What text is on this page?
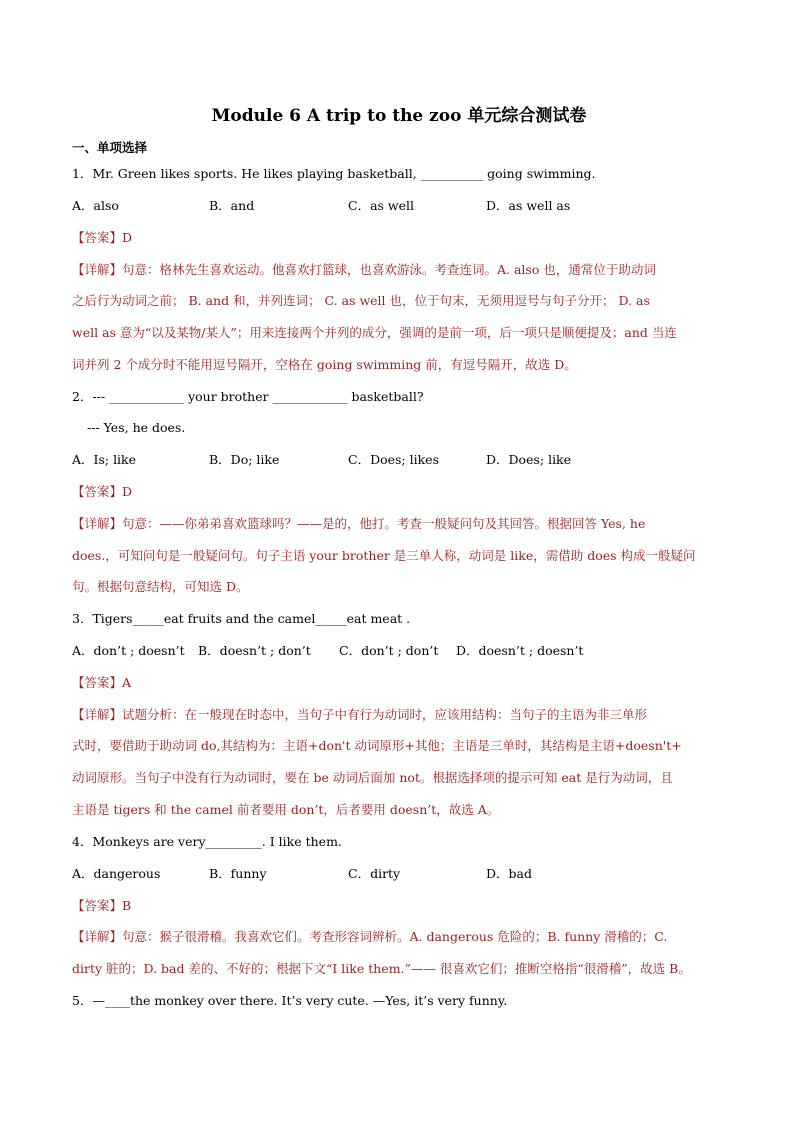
Module 6 A trip to the zoo 单元综合测试卷
一、单项选择
1．Mr. Green likes sports. He likes playing basketball, __________ going swimming.
A．also	B．and	C．as well	D．as well as
【答案】D
【详解】句意：格林先生喜欢运动。他喜欢打篮球，也喜欢游泳。考查连词。A. also 也，通常位于助动词
之后行为动词之前； B. and 和，并列连词； C. as well 也，位于句末，无须用逗号与句子分开； D. as
well as 意为“以及某物/某人”；用来连接两个并列的成分，强调的是前一项，后一项只是顺便提及；and 当连
词并列 2 个成分时不能用逗号隔开，空格在 going swimming 前，有逗号隔开，故选 D。
2．--- ____________ your brother ____________ basketball?
--- Yes, he does.
A．Is; like	B．Do; like	C．Does; likes	D．Does; like
【答案】D
【详解】句意：——你弟弟喜欢篮球吗？——是的，他打。考查一般疑问句及其回答。根据回答 Yes, he
does.，可知问句是一般疑问句。句子主语 your brother 是三单人称，动词是 like，需借助 does 构成一般疑问
句。根据句意结构，可知选 D。
3．Tigers_____eat fruits and the camel_____eat meat .
A．don’t ; doesn’t B．doesn’t ; don’t C．don’t ; don’t D．doesn’t ; doesn’t
【答案】A
【详解】试题分析：在一般现在时态中，当句子中有行为动词时，应该用结构：当句子的主语为非三单形
式时，要借助于助动词 do,其结构为：主语+don't 动词原形+其他；主语是三单时，其结构是主语+doesn't+
动词原形。当句子中没有行为动词时，要在 be 动词后面加 not。根据选择项的提示可知 eat 是行为动词，且
主语是 tigers 和 the camel 前者要用 don’t，后者要用 doesn’t，故选 A。
4．Monkeys are very_________. I like them.
A．dangerous	B．funny	C．dirty	D．bad
【答案】B
【详解】句意：猴子很滑稽。我喜欢它们。考查形容词辨析。A. dangerous 危险的；B. funny 滑稽的；C.
dirty 脏的；D. bad 差的、不好的；根据下文“I like them.”—— 很喜欢它们；推断空格指“很滑稽”，故选 B。
5．—____the monkey over there. It’s very cute. —Yes, it’s very funny.
